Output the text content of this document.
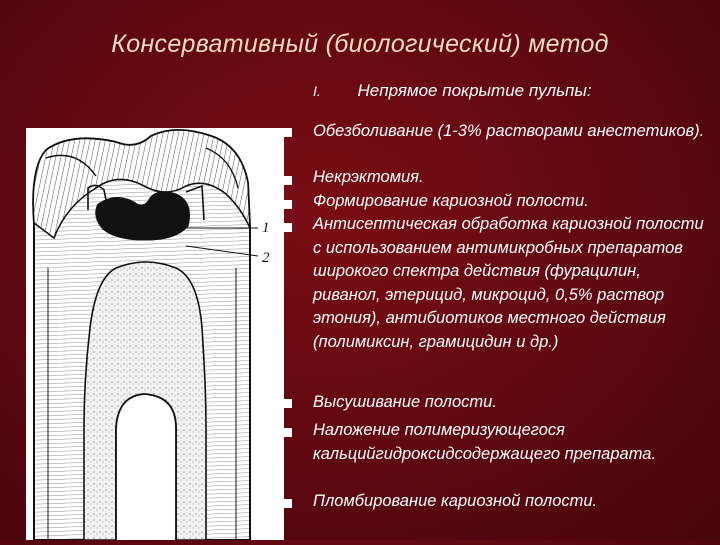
Консервативный (биологический) метод
I. Непрямое покрытие пульпы:
1
2
Обезболивание (1-3% растворами анестетиков).
Некрэктомия.
Формирование кариозной полости.
Антисептическая обработка кариозной полости с использованием антимикробных препаратов широкого спектра действия (фурацилин, риванол, этерицид, микроцид, 0,5% раствор этония), антибиотиков местного действия (полимиксин, грамицидин и др.)
Высушивание полости.
Наложение полимеризующегося кальцийгидроксидсодержащего препарата.
Пломбирование кариозной полости.
